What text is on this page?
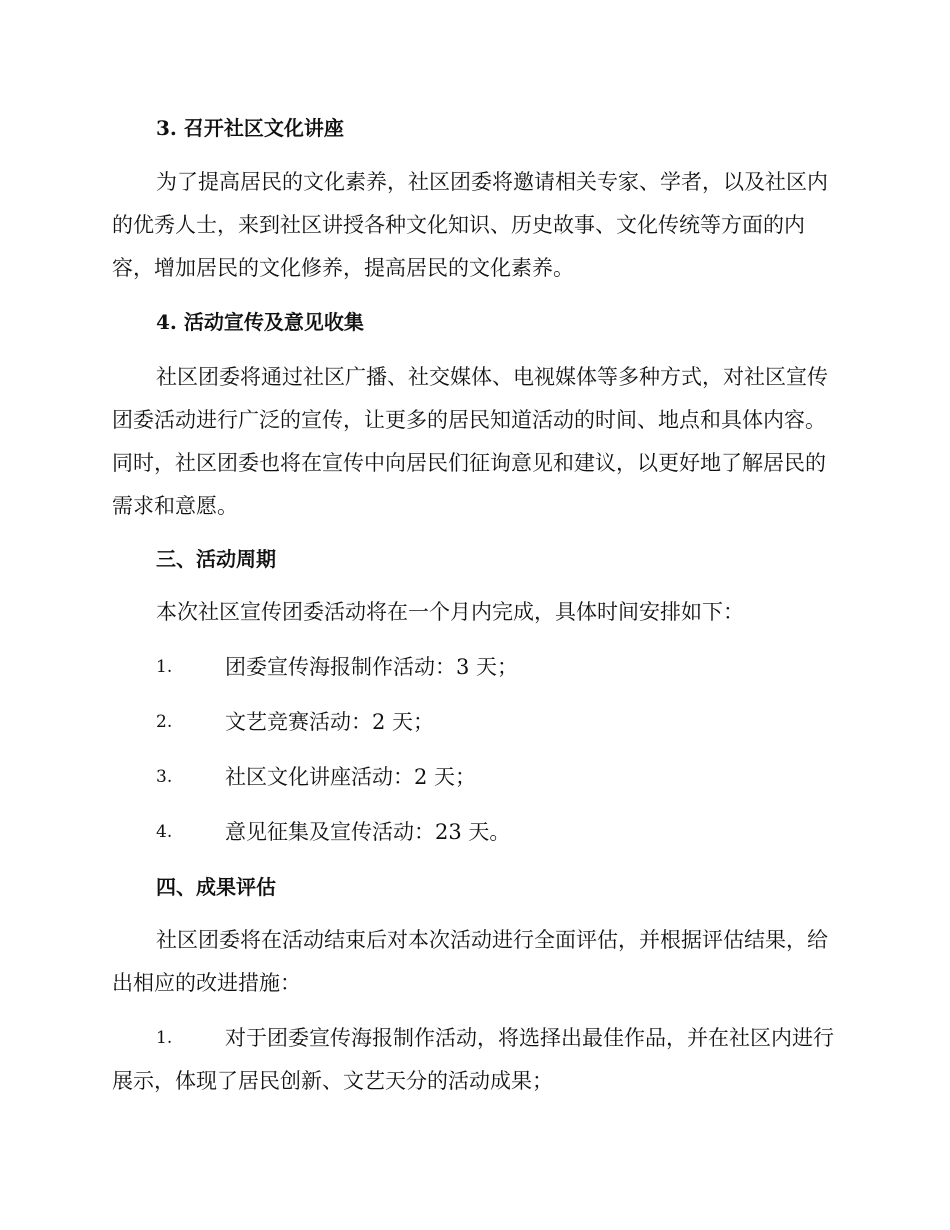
3. 召开社区文化讲座

为了提高居民的文化素养，社区团委将邀请相关专家、学者，以及社区内的优秀人士，来到社区讲授各种文化知识、历史故事、文化传统等方面的内容，增加居民的文化修养，提高居民的文化素养。

4. 活动宣传及意见收集

社区团委将通过社区广播、社交媒体、电视媒体等多种方式，对社区宣传团委活动进行广泛的宣传，让更多的居民知道活动的时间、地点和具体内容。同时，社区团委也将在宣传中向居民们征询意见和建议，以更好地了解居民的需求和意愿。

三、活动周期
本次社区宣传团委活动将在一个月内完成，具体时间安排如下：
1.	团委宣传海报制作活动：3 天；
2.	文艺竞赛活动：2 天；
3.	社区文化讲座活动：2 天；
4.	意见征集及宣传活动：23 天。
四、成果评估

社区团委将在活动结束后对本次活动进行全面评估，并根据评估结果，给出相应的改进措施：

1.	对于团委宣传海报制作活动，将选择出最佳作品，并在社区内进行展示，体现了居民创新、文艺天分的活动成果；
